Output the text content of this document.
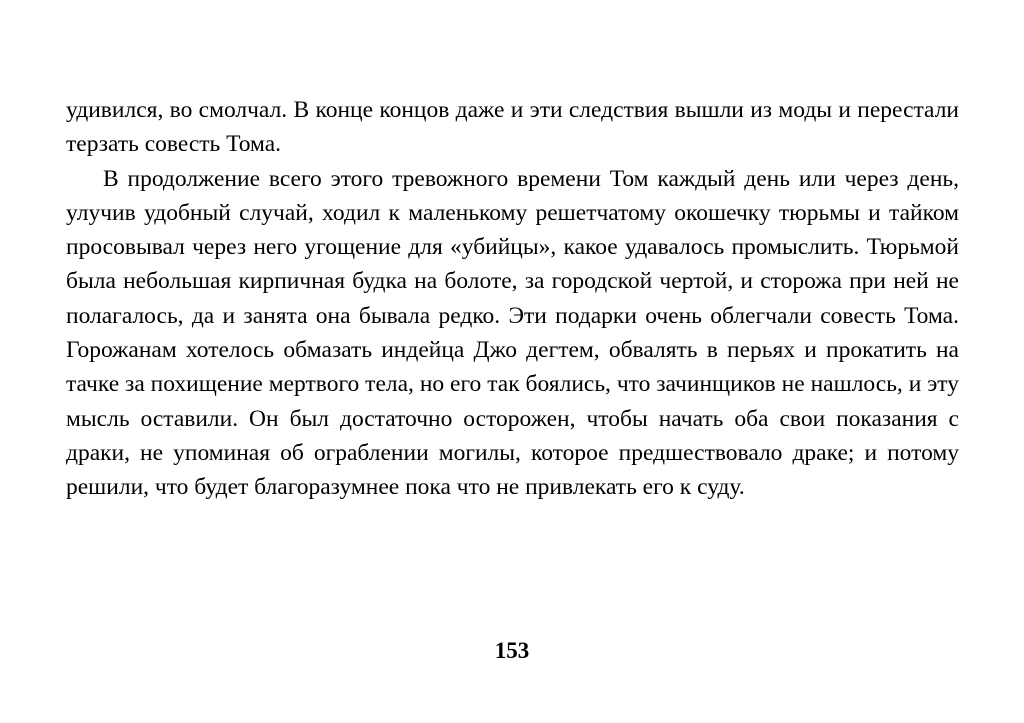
удивился, во смолчал. В конце концов даже и эти следствия вышли из моды и перестали терзать совесть Тома.

В продолжение всего этого тревожного времени Том каждый день или через день, улучив удобный случай, ходил к маленькому решетчатому окошечку тюрьмы и тайком просовывал через него угощение для «убийцы», какое удавалось промыслить. Тюрьмой была небольшая кирпичная будка на болоте, за городской чертой, и сторожа при ней не полагалось, да и занята она бывала редко. Эти подарки очень облегчали совесть Тома. Горожанам хотелось обмазать индейца Джо дегтем, обвалять в перьях и прокатить на тачке за похищение мертвого тела, но его так боялись, что зачинщиков не нашлось, и эту мысль оставили. Он был достаточно осторожен, чтобы начать оба свои показания с драки, не упоминая об ограблении могилы, которое предшествовало драке; и потому решили, что будет благоразумнее пока что не привлекать его к суду.

153
